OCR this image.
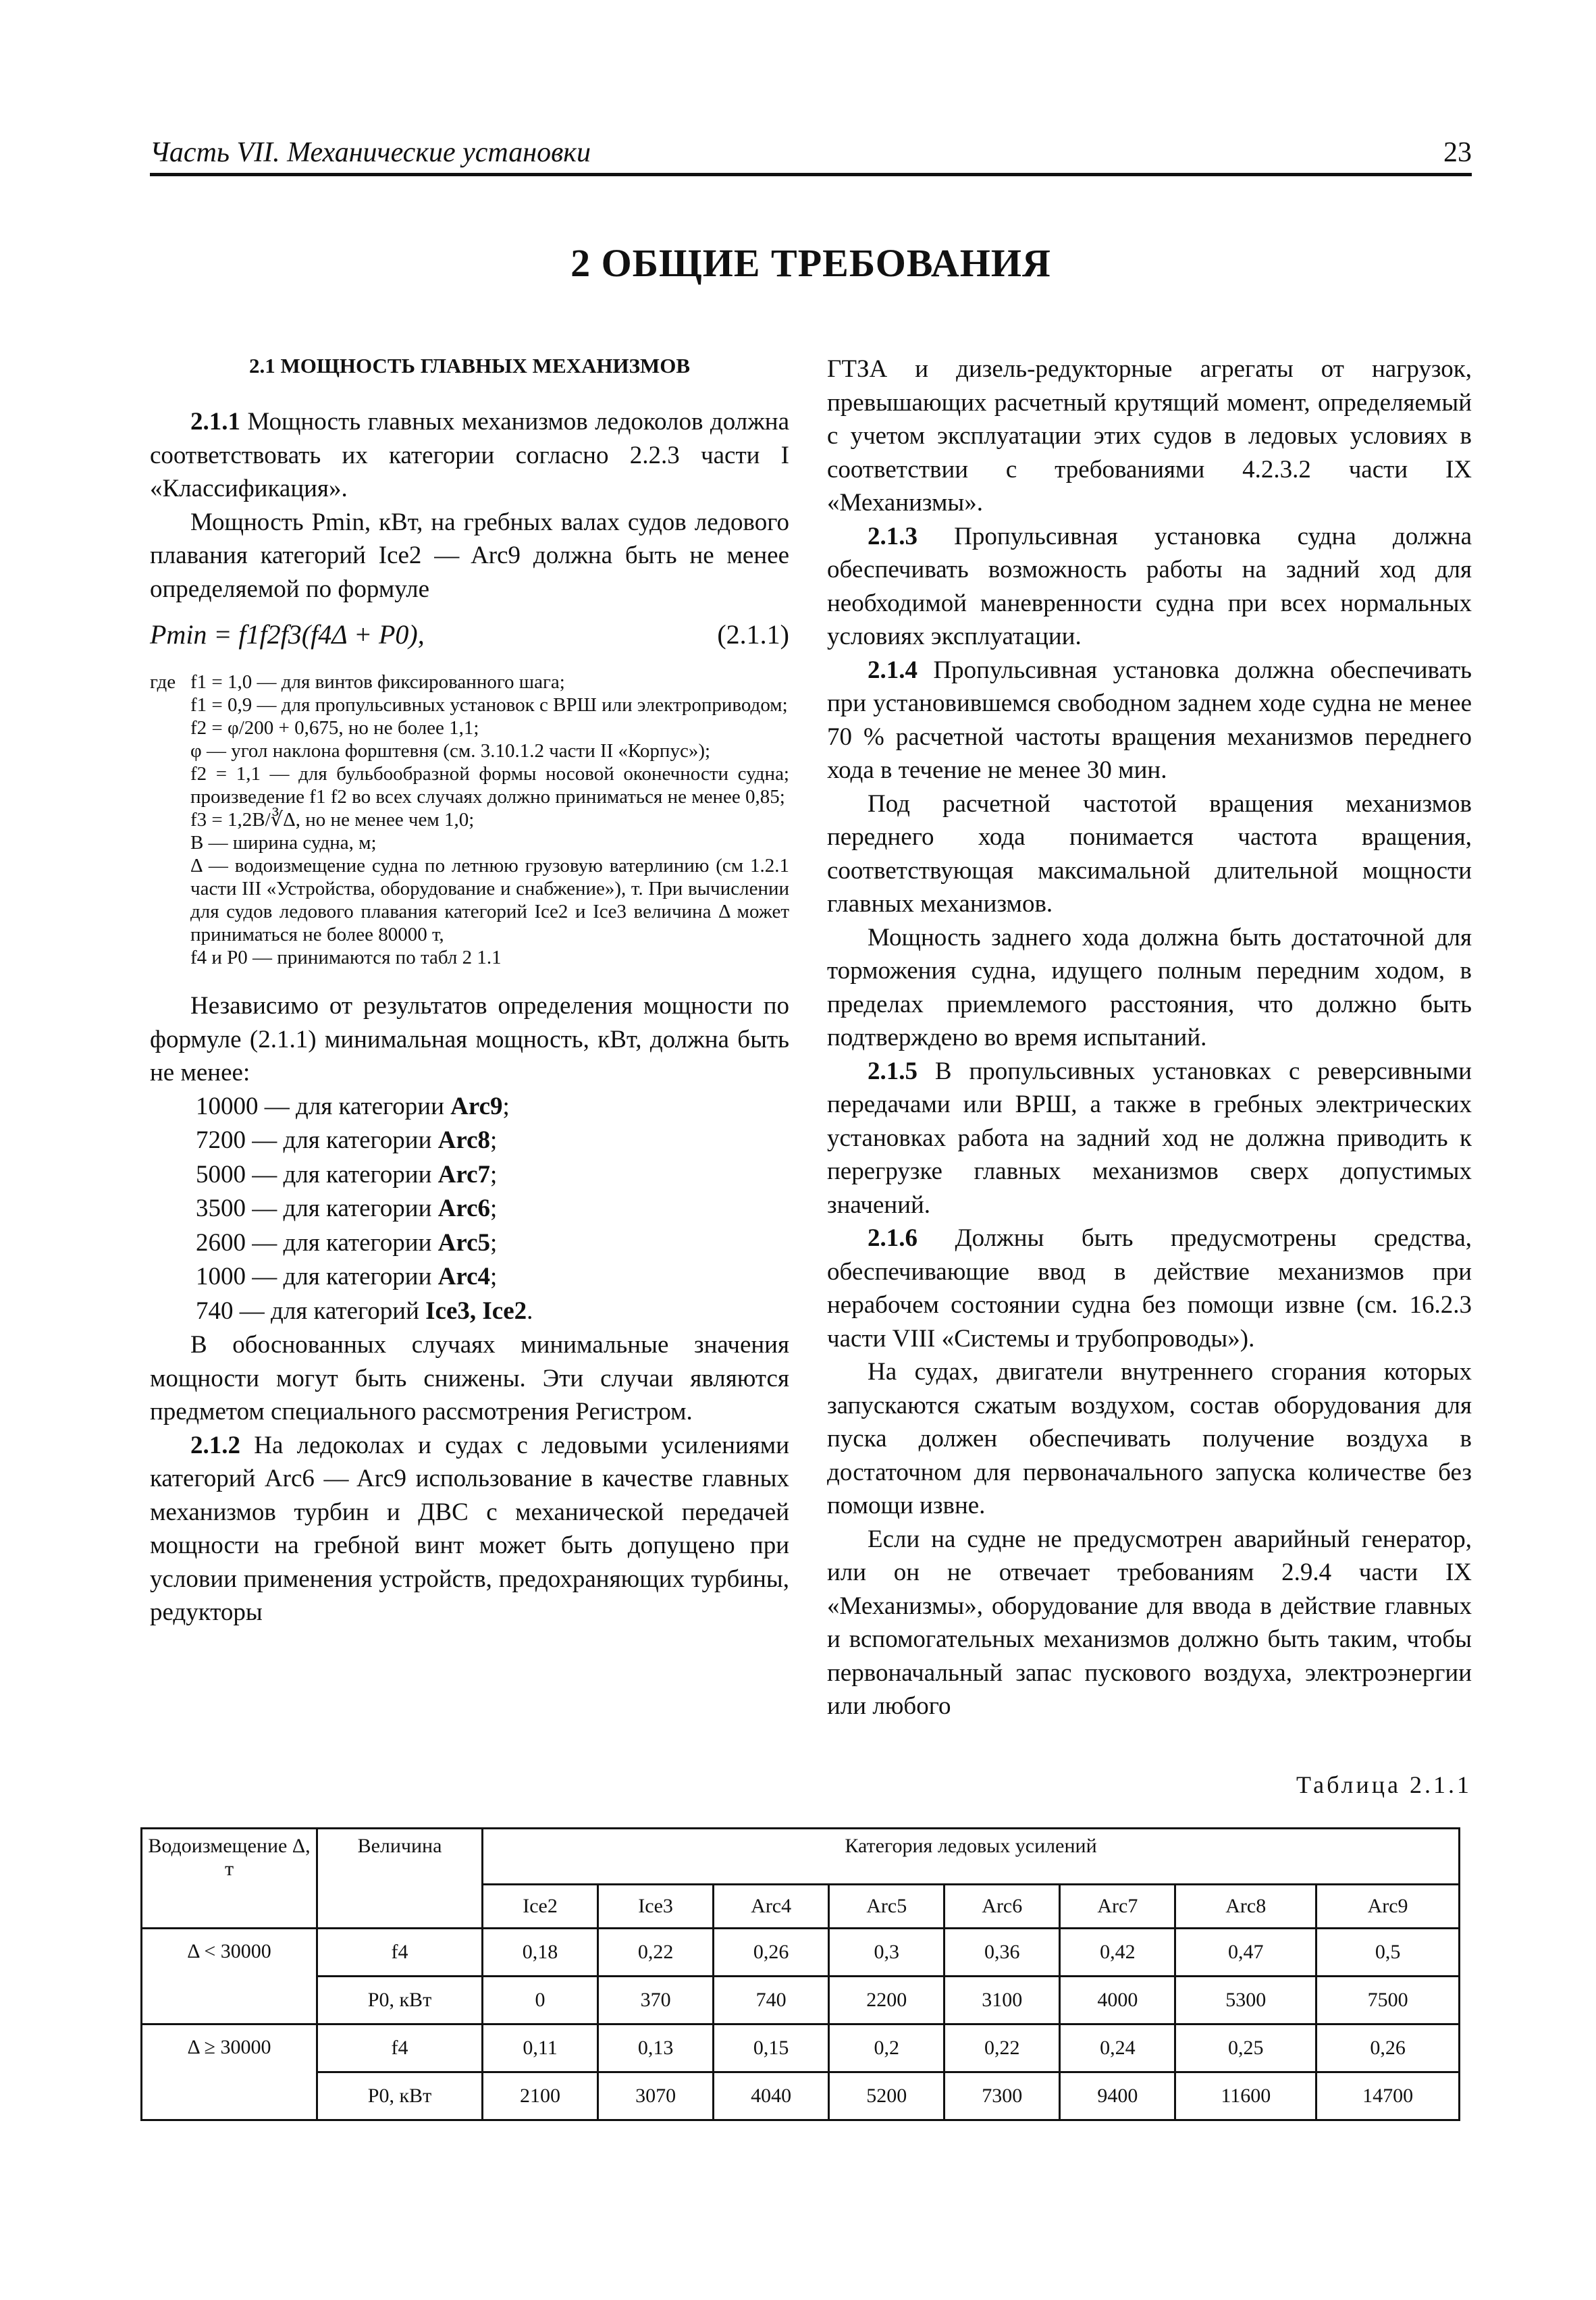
Часть VII. Механические установки	23
2 ОБЩИЕ ТРЕБОВАНИЯ
2.1 МОЩНОСТЬ ГЛАВНЫХ МЕХАНИЗМОВ

2.1.1 Мощность главных механизмов ледоколов должна соответствовать их категории согласно 2.2.3 части I «Классификация».

Мощность Pmin, кВт, на гребных валах судов ледового плавания категорий Ice2 — Arc9 должна быть не менее определяемой по формуле

Pmin = f1f2f3(f4Δ + P0),	(2.1.1)
где f1 = 1,0 — для винтов фиксированного шага;
f1 = 0,9 — для пропульсивных установок с ВРШ или электроприводом;
f2 = φ/200 + 0,675, но не более 1,1;
φ — угол наклона форштевня (см. 3.10.1.2 части II «Корпус»);
f2 = 1,1 — для бульбообразной формы носовой оконечности судна; произведение f1 f2 во всех случаях должно приниматься не менее 0,85;
f3 = 1,2B/∛Δ, но не менее чем 1,0;
B — ширина судна, м;
Δ — водоизмещение судна по летнюю грузовую ватерлинию (см 1.2.1 части III «Устройства, оборудование и снабжение»), т. При вычислении для судов ледового плавания категорий Ice2 и Ice3 величина Δ может приниматься не более 80000 т,
f4 и P0 — принимаются по табл 2 1.1

Независимо от результатов определения мощности по формуле (2.1.1) минимальная мощность, кВт, должна быть не менее:

10000 — для категории Arc9;
7200 — для категории Arc8;
5000 — для категории Arc7;
3500 — для категории Arc6;
2600 — для категории Arc5;
1000 — для категории Arc4;
740 — для категорий Ice3, Ice2.

В обоснованных случаях минимальные значения мощности могут быть снижены. Эти случаи являются предметом специального рассмотрения Регистром.

2.1.2 На ледоколах и судах с ледовыми усилениями категорий Arc6 — Arc9 использование в качестве главных механизмов турбин и ДВС с механической передачей мощности на гребной винт может быть допущено при условии применения устройств, предохраняющих турбины, редукторы

ГТЗА и дизель-редукторные агрегаты от нагрузок, превышающих расчетный крутящий момент, определяемый с учетом эксплуатации этих судов в ледовых условиях в соответствии с требованиями 4.2.3.2 части IX «Механизмы».

2.1.3 Пропульсивная установка судна должна обеспечивать возможность работы на задний ход для необходимой маневренности судна при всех нормальных условиях эксплуатации.

2.1.4 Пропульсивная установка должна обеспечивать при установившемся свободном заднем ходе судна не менее 70 % расчетной частоты вращения механизмов переднего хода в течение не менее 30 мин.

Под расчетной частотой вращения механизмов переднего хода понимается частота вращения, соответствующая максимальной длительной мощности главных механизмов.

Мощность заднего хода должна быть достаточной для торможения судна, идущего полным передним ходом, в пределах приемлемого расстояния, что должно быть подтверждено во время испытаний.

2.1.5 В пропульсивных установках с реверсивными передачами или ВРШ, а также в гребных электрических установках работа на задний ход не должна приводить к перегрузке главных механизмов сверх допустимых значений.

2.1.6 Должны быть предусмотрены средства, обеспечивающие ввод в действие механизмов при нерабочем состоянии судна без помощи извне (см. 16.2.3 части VIII «Системы и трубопроводы»).

На судах, двигатели внутреннего сгорания которых запускаются сжатым воздухом, состав оборудования для пуска должен обеспечивать получение воздуха в достаточном для первоначального запуска количестве без помощи извне.

Если на судне не предусмотрен аварийный генератор, или он не отвечает требованиям 2.9.4 части IX «Механизмы», оборудование для ввода в действие главных и вспомогательных механизмов должно быть таким, чтобы первоначальный запас пускового воздуха, электроэнергии или любого

Таблица 2.1.1
Водоизмещение Δ, т	Величина	Категория ледовых усилений							
		Ice2	Ice3	Arc4	Arc5	Arc6	Arc7	Arc8	Arc9
Δ < 30000	f4	0,18	0,22	0,26	0,3	0,36	0,42	0,47	0,5
	P0, кВт	0	370	740	2200	3100	4000	5300	7500
Δ ≥ 30000	f4	0,11	0,13	0,15	0,2	0,22	0,24	0,25	0,26
	P0, кВт	2100	3070	4040	5200	7300	9400	11600	14700
